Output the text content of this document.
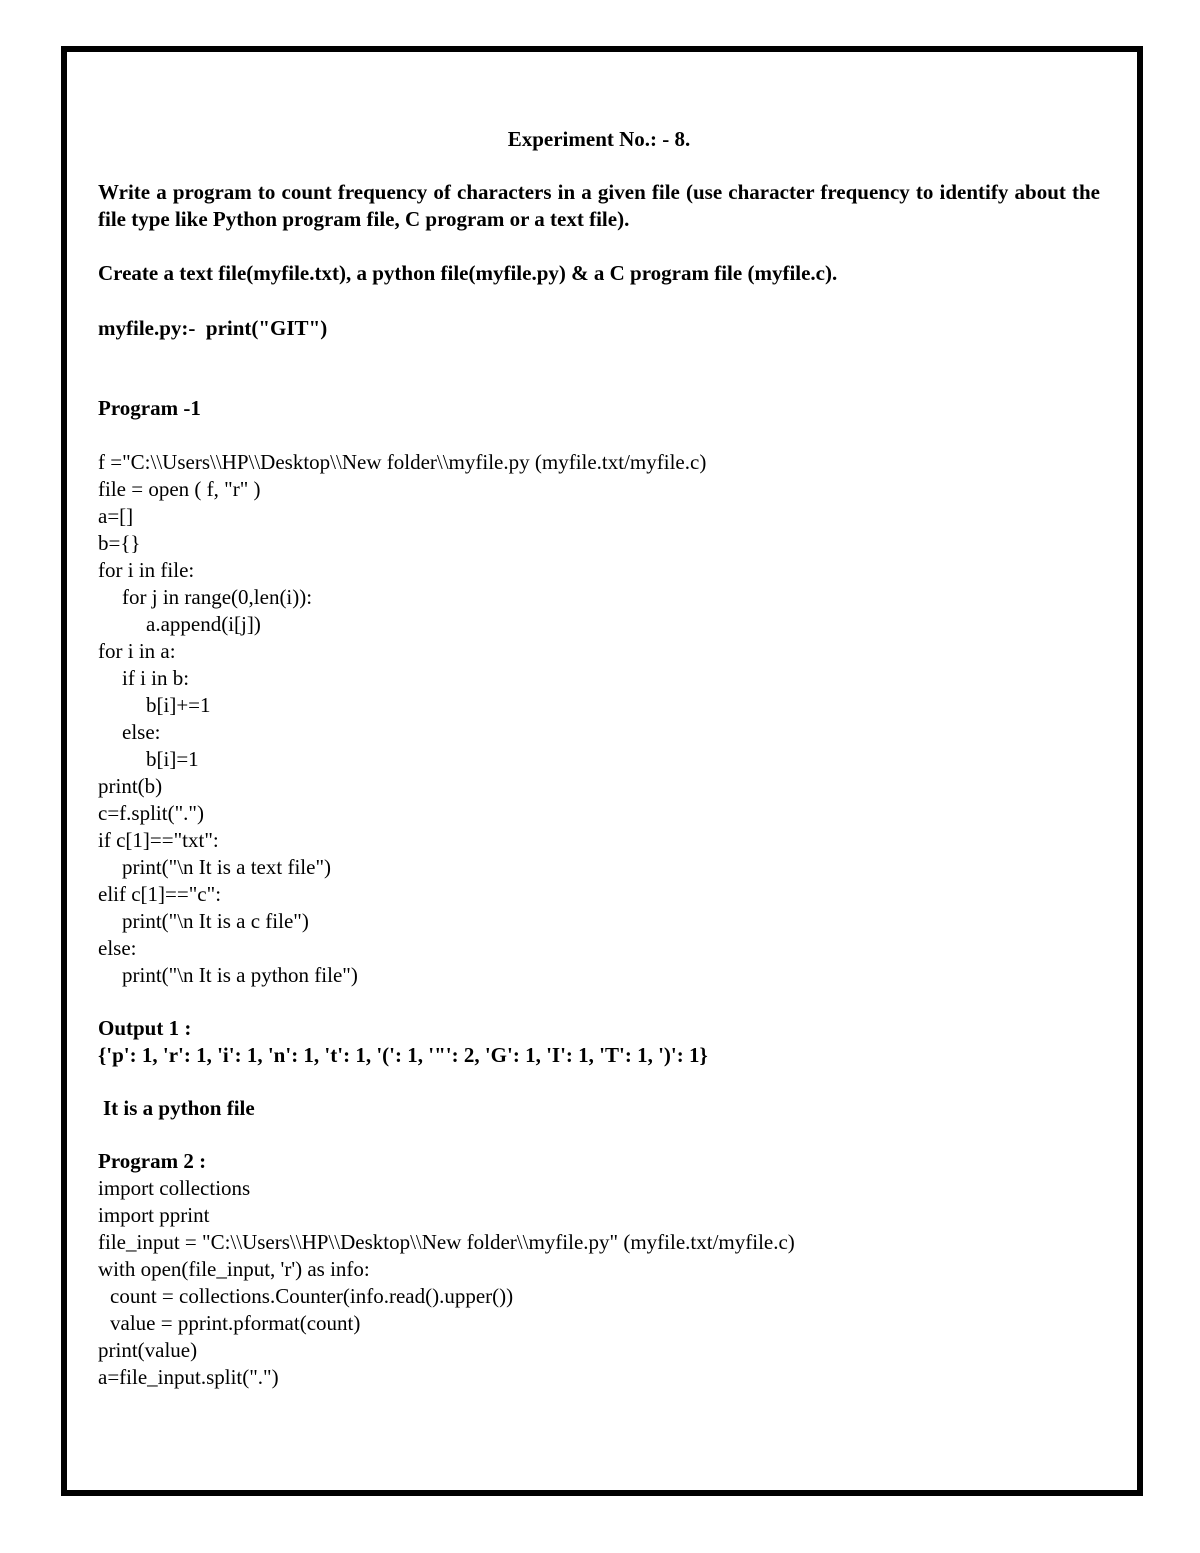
Experiment No.: - 8.

Write a program to count frequency of characters in a given file (use character frequency to identify about the file type like Python program file, C program or a text file).

Create a text file(myfile.txt), a python file(myfile.py) & a C program file (myfile.c).

myfile.py:-  print("GIT")

Program -1

f ="C:\\Users\\HP\\Desktop\\New folder\\myfile.py (myfile.txt/myfile.c)

file = open ( f, "r" )

a=[]

b={}

for i in file:

for j in range(0,len(i)):

a.append(i[j])

for i in a:

if i in b:

b[i]+=1

else:

b[i]=1

print(b)

c=f.split(".")

if c[1]=="txt":

print("\n It is a text file")

elif c[1]=="c":

print("\n It is a c file")

else:

print("\n It is a python file")

Output 1 :

{'p': 1, 'r': 1, 'i': 1, 'n': 1, 't': 1, '(': 1, '"': 2, 'G': 1, 'I': 1, 'T': 1, ')': 1}

It is a python file

Program 2 :

import collections

import pprint

file_input = "C:\\Users\\HP\\Desktop\\New folder\\myfile.py" (myfile.txt/myfile.c)

with open(file_input, 'r') as info:

count = collections.Counter(info.read().upper())

value = pprint.pformat(count)

print(value)

a=file_input.split(".")
